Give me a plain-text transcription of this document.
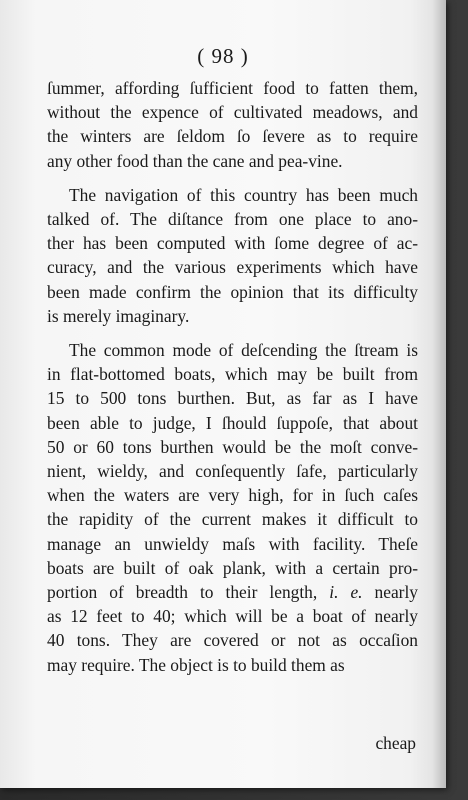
( 98 )

ſummer, affording ſufficient food to fatten them,
without the expence of cultivated meadows, and
the winters are ſeldom ſo ſevere as to require
any other food than the cane and pea-vine.

The navigation of this country has been much
talked of. The diſtance from one place to ano-
ther has been computed with ſome degree of ac-
curacy, and the various experiments which have
been made confirm the opinion that its difficulty
is merely imaginary.

The common mode of deſcending the ſtream is
in flat-bottomed boats, which may be built from
15 to 500 tons burthen. But, as far as I have
been able to judge, I ſhould ſuppoſe, that about
50 or 60 tons burthen would be the moſt conve-
nient, wieldy, and conſequently ſafe, particularly
when the waters are very high, for in ſuch caſes
the rapidity of the current makes it difficult to
manage an unwieldy maſs with facility. Theſe
boats are built of oak plank, with a certain pro-
portion of breadth to their length, i. e. nearly
as 12 feet to 40; which will be a boat of nearly
40 tons. They are covered or not as occaſion
may require. The object is to build them as

cheap
